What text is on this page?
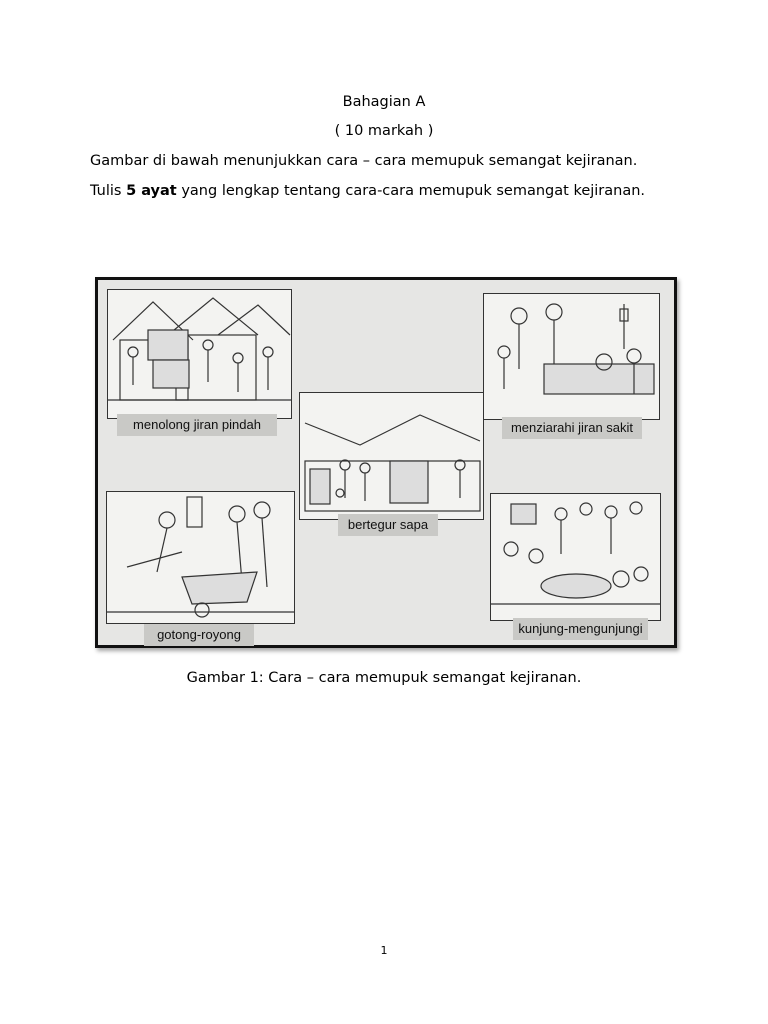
Bahagian A
( 10 markah )
Gambar di bawah menunjukkan cara – cara memupuk semangat kejiranan.
Tulis 5 ayat yang lengkap tentang cara-cara memupuk semangat kejiranan.
menolong jiran pindah	menziarahi jiran sakit
bertegur sapa
gotong-royong	kunjung-mengunjungi
Gambar 1: Cara – cara memupuk semangat kejiranan.
1
